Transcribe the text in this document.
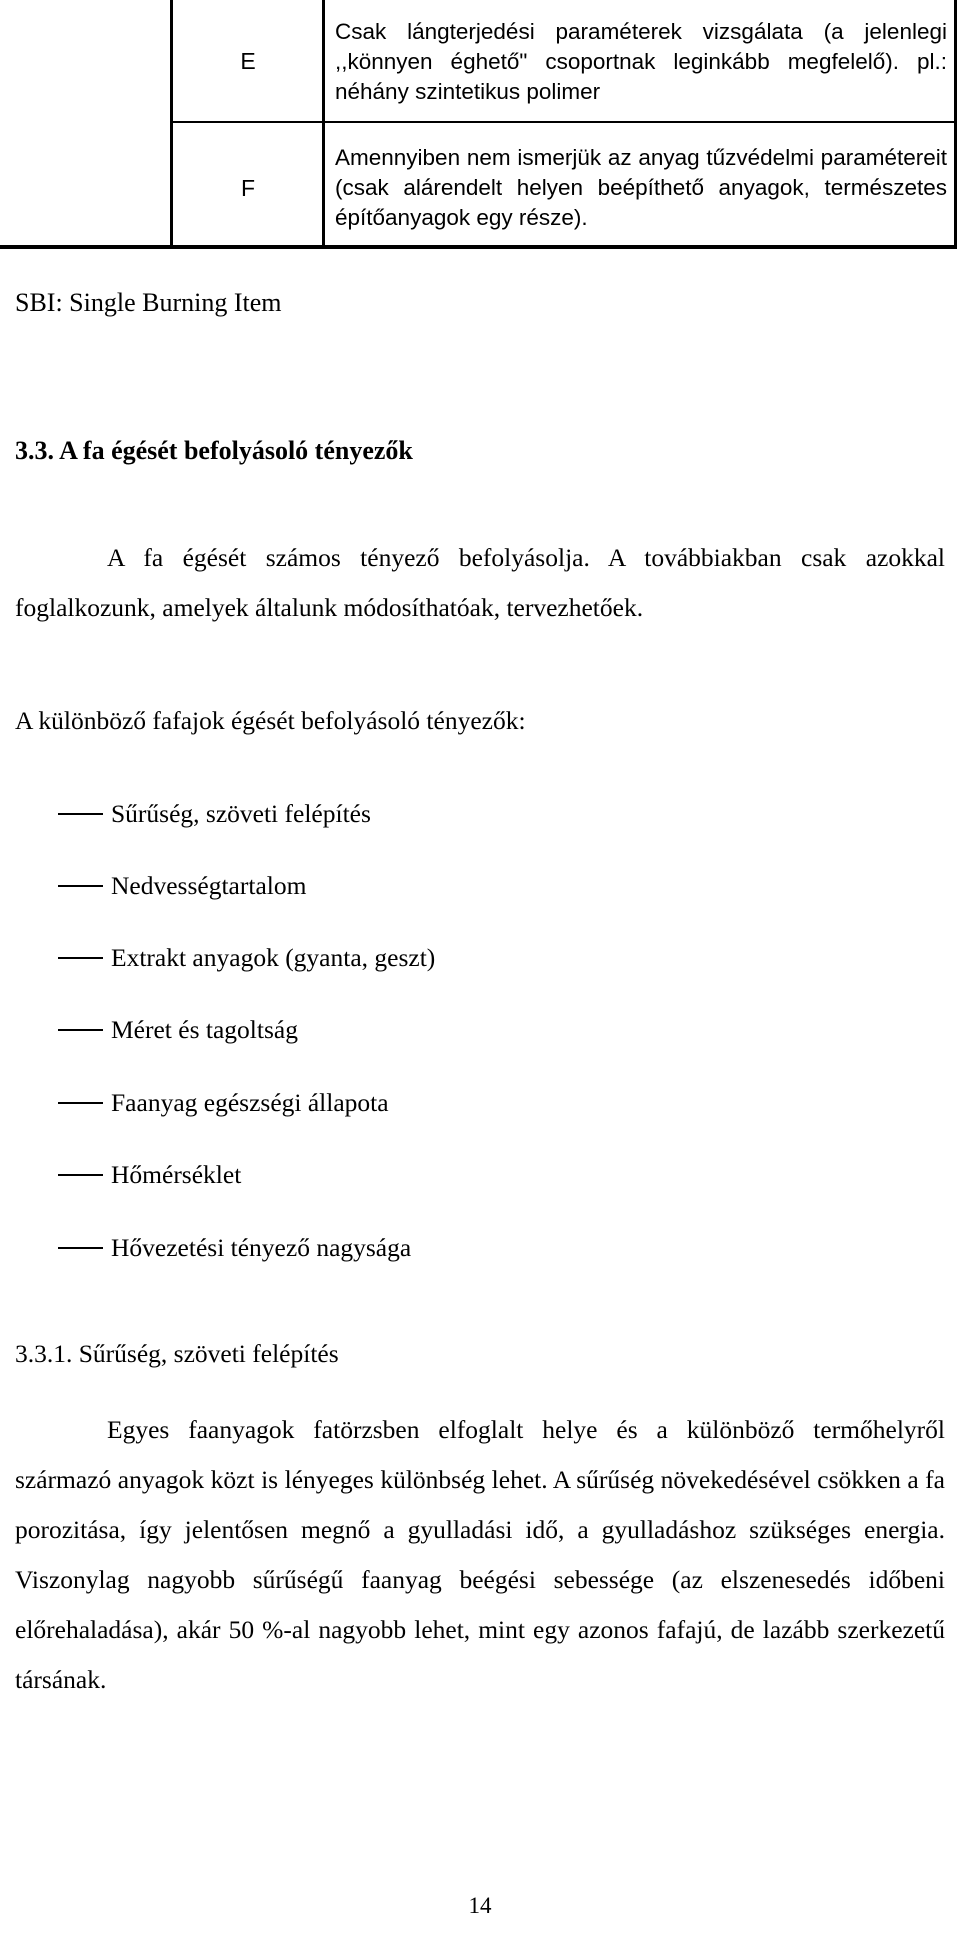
E
Csak lángterjedési paraméterek vizsgálata (a jelenlegi ,,könnyen éghető" csoportnak leginkább megfelelő). pl.: néhány szintetikus polimer
F
Amennyiben nem ismerjük az anyag tűzvédelmi paramétereit (csak alárendelt helyen beépíthető anyagok, természetes építőanyagok egy része).
SBI: Single Burning Item
3.3. A fa égését befolyásoló tényezők
A fa égését számos tényező befolyásolja. A továbbiakban csak azokkal foglalkozunk, amelyek általunk módosíthatóak, tervezhetőek.
A különböző fafajok égését befolyásoló tényezők:
Sűrűség, szöveti felépítés
Nedvességtartalom
Extrakt anyagok (gyanta, geszt)
Méret és tagoltság
Faanyag egészségi állapota
Hőmérséklet
Hővezetési tényező nagysága
3.3.1. Sűrűség, szöveti felépítés
Egyes faanyagok fatörzsben elfoglalt helye és a különböző termőhelyről származó anyagok közt is lényeges különbség lehet. A sűrűség növekedésével csökken a fa porozitása, így jelentősen megnő a gyulladási idő, a gyulladáshoz szükséges energia. Viszonylag nagyobb sűrűségű faanyag beégési sebessége (az elszenesedés időbeni előrehaladása), akár 50 %-al nagyobb lehet, mint egy azonos fafajú, de lazább szerkezetű társának.
14
